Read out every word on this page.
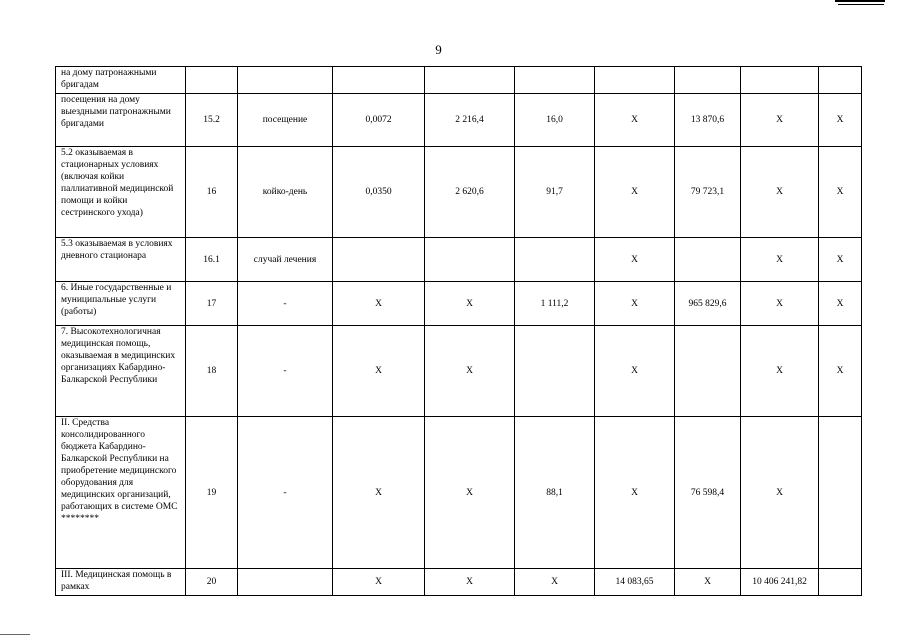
9
на дому патронажными бригадам									
посещения на дому выездными патронажными бригадами	15.2	посещение	0,0072	2 216,4	16,0	X	13 870,6	X	X
5.2 оказываемая в стационарных условиях (включая койки паллиативной медицинской помощи и койки сестринского ухода)	16	койко-день	0,0350	2 620,6	91,7	X	79 723,1	X	X
5.3 оказываемая в условиях дневного стационара	16.1	случай лечения				X		X	X
6. Иные государственные и муниципальные услуги (работы)	17	-	X	X	1 111,2	X	965 829,6	X	X
7. Высокотехнологичная медицинская помощь, оказываемая в медицинских организациях Кабардино-Балкарской Республики	18	-	X	X		X		X	X
II. Средства консолидированного бюджета Кабардино-Балкарской Республики на приобретение медицинского оборудования для медицинских организаций, работающих в системе ОМС ********	19	-	X	X	88,1	X	76 598,4	X	
III. Медицинская помощь в рамках	20		X	X	X	14 083,65	X	10 406 241,82	
